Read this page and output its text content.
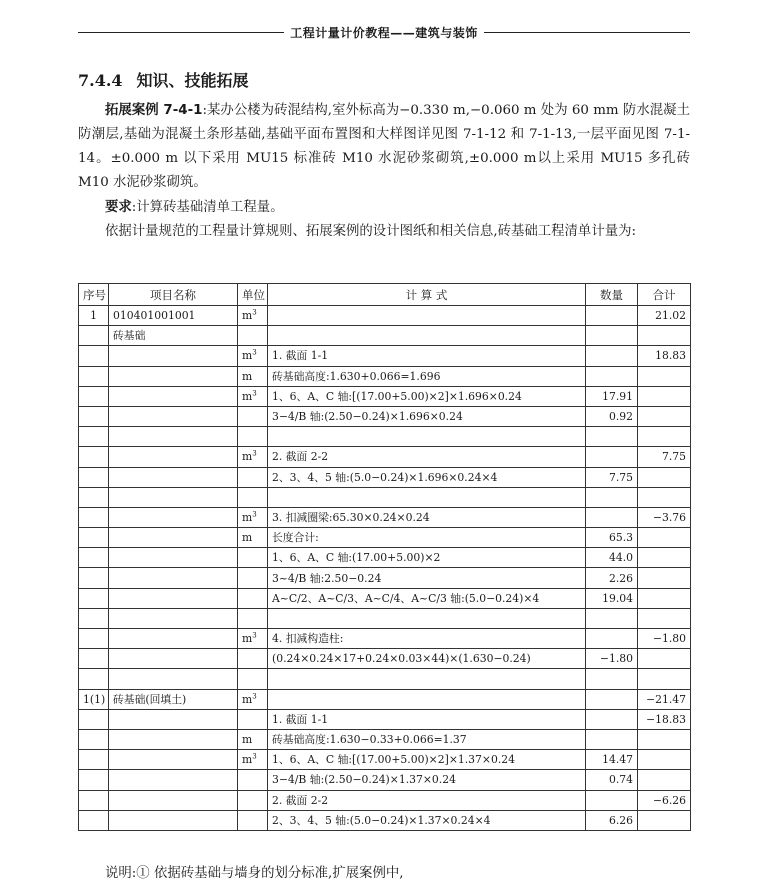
工程计量计价教程——建筑与装饰
7.4.4 知识、技能拓展

拓展案例 7-4-1:某办公楼为砖混结构,室外标高为−0.330 m,−0.060 m 处为 60 mm 防水混凝土防潮层,基础为混凝土条形基础,基础平面布置图和大样图详见图 7-1-12 和 7-1-13,一层平面见图 7-1-14。±0.000 m 以下采用 MU15 标准砖 M10 水泥砂浆砌筑,±0.000 m以上采用 MU15 多孔砖 M10 水泥砂浆砌筑。

要求:计算砖基础清单工程量。

依据计量规范的工程量计算规则、拓展案例的设计图纸和相关信息,砖基础工程清单计量为:

序号	项目名称	单位	计 算 式	数量	合计
1	010401001001	$m^3$			21.02
	砖基础				
		$m^3$	1. 截面 1-1		18.83
		m	砖基础高度:1.630+0.066=1.696		
		$m^3$	1、6、A、C 轴:[(17.00+5.00)×2]×1.696×0.24	17.91	
			3−4/B 轴:(2.50−0.24)×1.696×0.24	0.92	

		$m^3$	2. 截面 2-2		7.75
			2、3、4、5 轴:(5.0−0.24)×1.696×0.24×4	7.75	

		$m^3$	3. 扣减圈梁:65.30×0.24×0.24		−3.76
		m	长度合计:	65.3	
			1、6、A、C 轴:(17.00+5.00)×2	44.0	
			3~4/B 轴:2.50−0.24	2.26	
			A~C/2、A~C/3、A~C/4、A~C/3 轴:(5.0−0.24)×4	19.04	

		$m^3$	4. 扣减构造柱:		−1.80
			(0.24×0.24×17+0.24×0.03×44)×(1.630−0.24)	−1.80	

1(1)	砖基础(回填土)	$m^3$			−21.47
			1. 截面 1-1		−18.83
		m	砖基础高度:1.630−0.33+0.066=1.37		
		$m^3$	1、6、A、C 轴:[(17.00+5.00)×2]×1.37×0.24	14.47	
			3−4/B 轴:(2.50−0.24)×1.37×0.24	0.74	
			2. 截面 2-2		−6.26
			2、3、4、5 轴:(5.0−0.24)×1.37×0.24×4	6.26	

说明:① 依据砖基础与墙身的划分标准,扩展案例中,
